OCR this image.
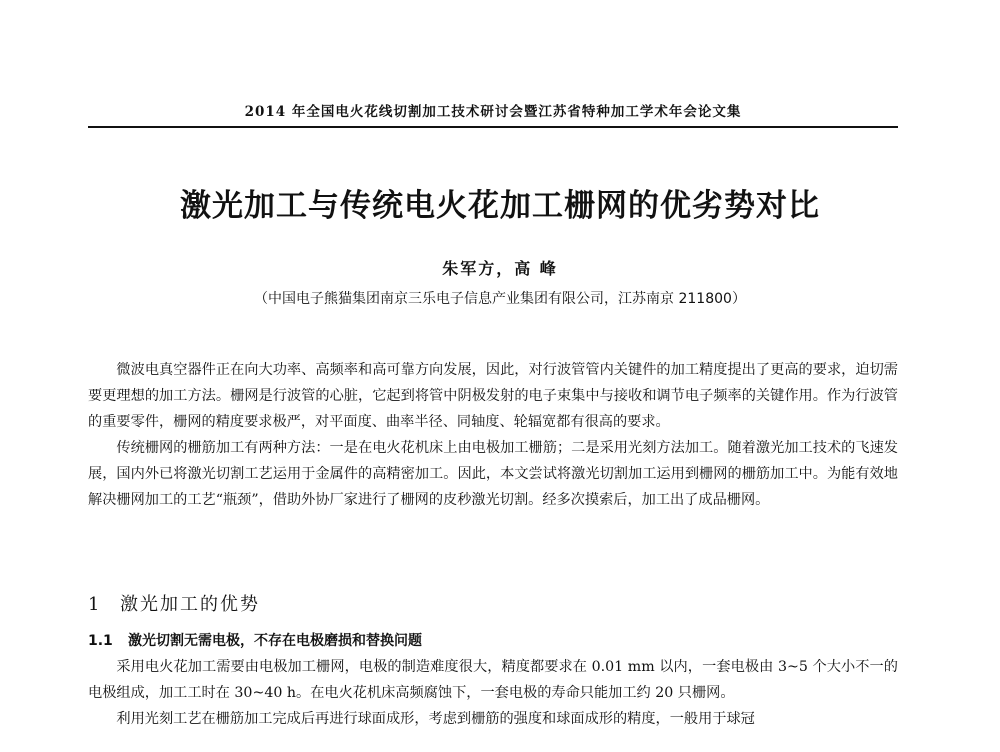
2014 年全国电火花线切割加工技术研讨会暨江苏省特种加工学术年会论文集
激光加工与传统电火花加工栅网的优劣势对比
朱军方，高 峰
（中国电子熊猫集团南京三乐电子信息产业集团有限公司，江苏南京 211800）

微波电真空器件正在向大功率、高频率和高可靠方向发展，因此，对行波管管内关键件的加工精度提出了更高的要求，迫切需要更理想的加工方法。栅网是行波管的心脏，它起到将管中阴极发射的电子束集中与接收和调节电子频率的关键作用。作为行波管的重要零件，栅网的精度要求极严，对平面度、曲率半径、同轴度、轮辐宽都有很高的要求。

传统栅网的栅筋加工有两种方法：一是在电火花机床上由电极加工栅筋；二是采用光刻方法加工。随着激光加工技术的飞速发展，国内外已将激光切割工艺运用于金属件的高精密加工。因此，本文尝试将激光切割加工运用到栅网的栅筋加工中。为能有效地解决栅网加工的工艺“瓶颈”，借助外协厂家进行了栅网的皮秒激光切割。经多次摸索后，加工出了成品栅网。

1 激光加工的优势
1.1 激光切割无需电极，不存在电极磨损和替换问题

采用电火花加工需要由电极加工栅网，电极的制造难度很大，精度都要求在 0.01 mm 以内，一套电极由 3~5 个大小不一的电极组成，加工工时在 30~40 h。在电火花机床高频腐蚀下，一套电极的寿命只能加工约 20 只栅网。

利用光刻工艺在栅筋加工完成后再进行球面成形，考虑到栅筋的强度和球面成形的精度，一般用于球冠
